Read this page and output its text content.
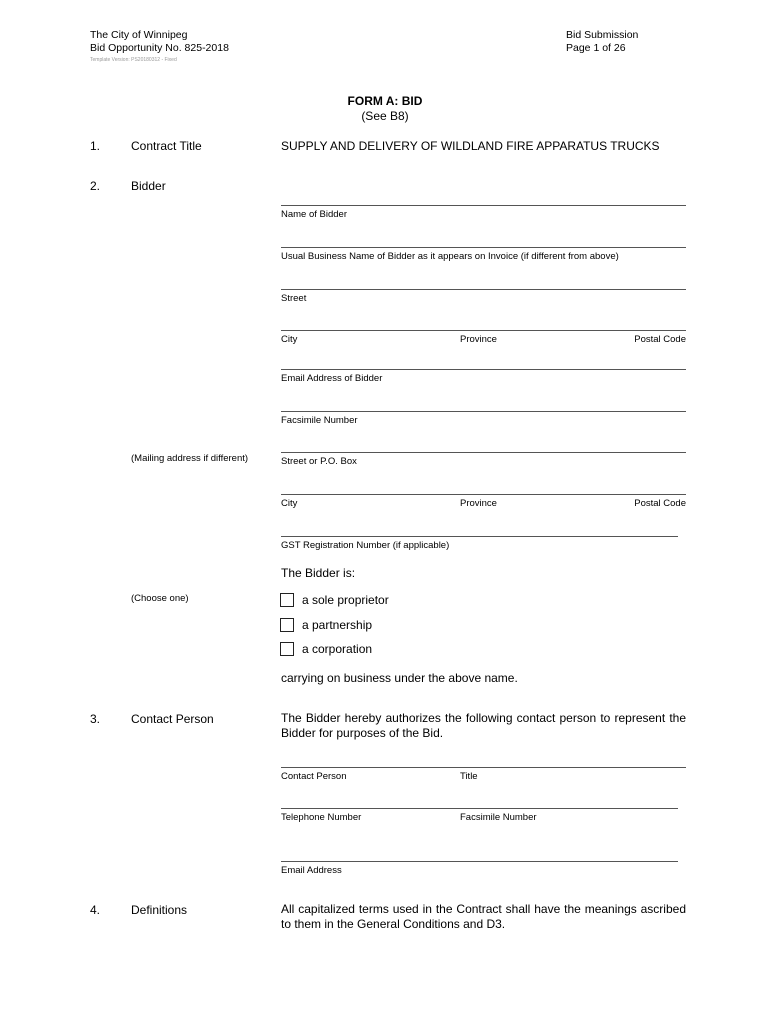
The City of Winnipeg
Bid Opportunity No. 825-2018
Template Version: PS20180312 - Fixed
Bid Submission
Page 1 of 26
FORM A: BID
(See B8)
1.	Contract Title	SUPPLY AND DELIVERY OF WILDLAND FIRE APPARATUS TRUCKS
2.	Bidder
Name of Bidder
Usual Business Name of Bidder as it appears on Invoice (if different from above)
Street
City	Province	Postal Code
Email Address of Bidder
Facsimile Number
(Mailing address if different)	Street or P.O. Box
City	Province	Postal Code
GST Registration Number (if applicable)
The Bidder is:
(Choose one)	a sole proprietor
a partnership
a corporation
carrying on business under the above name.
3.	Contact Person	The Bidder hereby authorizes the following contact person to represent the Bidder for purposes of the Bid.
Contact Person	Title
Telephone Number	Facsimile Number
Email Address
4.	Definitions	All capitalized terms used in the Contract shall have the meanings ascribed to them in the General Conditions and D3.
